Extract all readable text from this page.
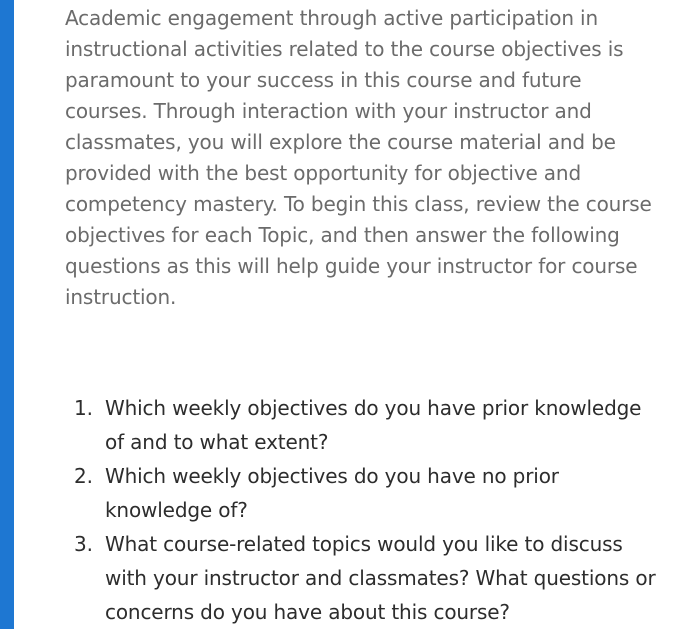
Academic engagement through active participation in instructional activities related to the course objectives is paramount to your success in this course and future courses. Through interaction with your instructor and classmates, you will explore the course material and be provided with the best opportunity for objective and competency mastery. To begin this class, review the course objectives for each Topic, and then answer the following questions as this will help guide your instructor for course instruction.

1. Which weekly objectives do you have prior knowledge of and to what extent?
2. Which weekly objectives do you have no prior knowledge of?
3. What course-related topics would you like to discuss with your instructor and classmates? What questions or concerns do you have about this course?
